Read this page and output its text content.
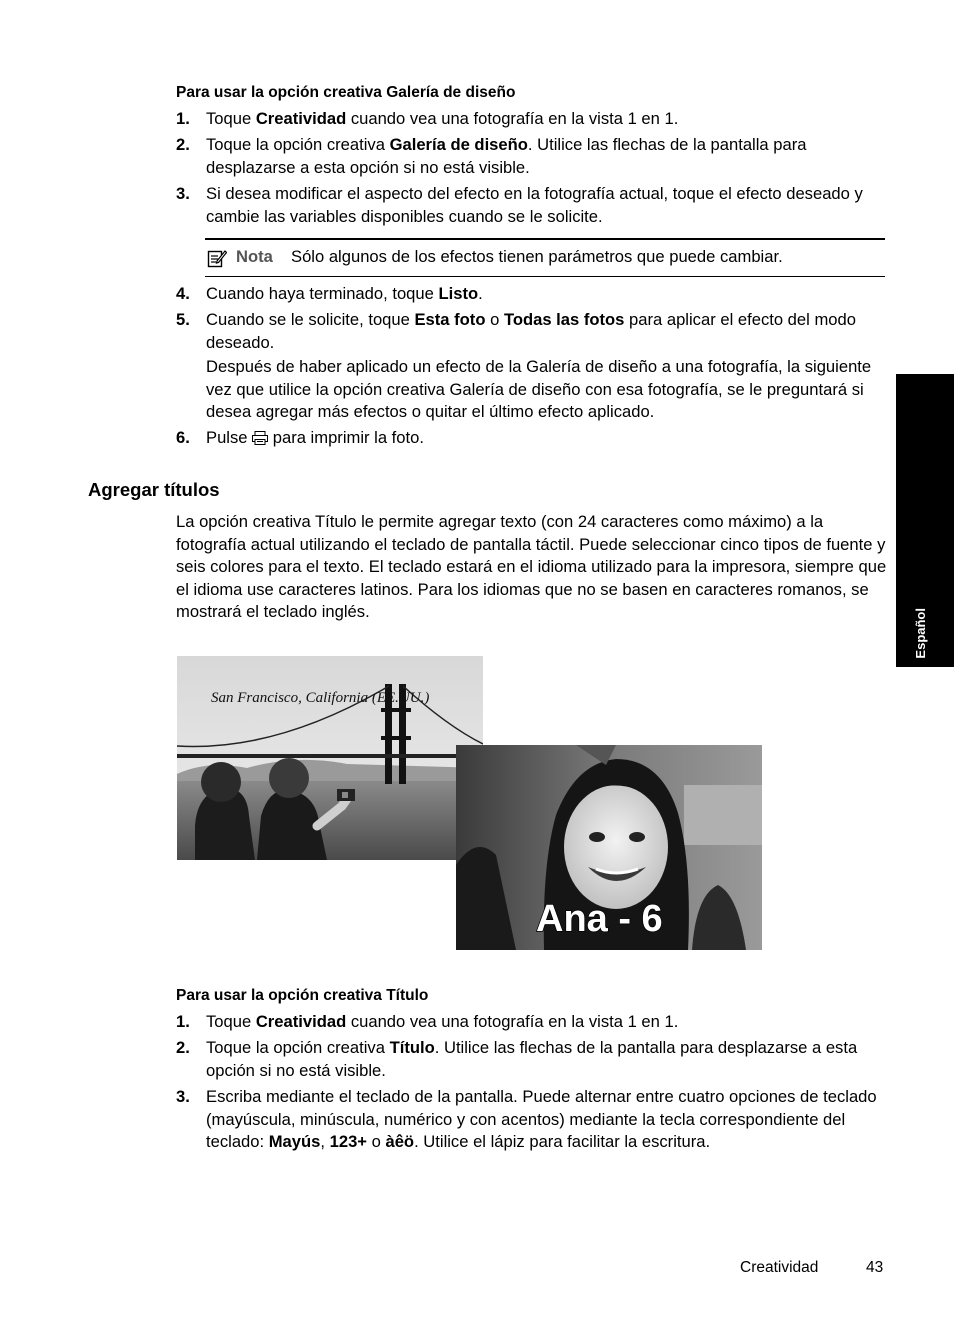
Para usar la opción creativa Galería de diseño
1. Toque Creatividad cuando vea una fotografía en la vista 1 en 1.
2. Toque la opción creativa Galería de diseño. Utilice las flechas de la pantalla para desplazarse a esta opción si no está visible.
3. Si desea modificar el aspecto del efecto en la fotografía actual, toque el efecto deseado y cambie las variables disponibles cuando se le solicite.
Nota Sólo algunos de los efectos tienen parámetros que puede cambiar.
4. Cuando haya terminado, toque Listo.
5. Cuando se le solicite, toque Esta foto o Todas las fotos para aplicar el efecto del modo deseado.
Después de haber aplicado un efecto de la Galería de diseño a una fotografía, la siguiente vez que utilice la opción creativa Galería de diseño con esa fotografía, se le preguntará si desea agregar más efectos o quitar el último efecto aplicado.
6. Pulse  para imprimir la foto.
Agregar títulos
La opción creativa Título le permite agregar texto (con 24 caracteres como máximo) a la fotografía actual utilizando el teclado de pantalla táctil. Puede seleccionar cinco tipos de fuente y seis colores para el texto. El teclado estará en el idioma utilizado para la impresora, siempre que el idioma use caracteres latinos. Para los idiomas que no se basen en caracteres romanos, se mostrará el teclado inglés.
San Francisco, California (EE.UU.)
Ana - 6
Para usar la opción creativa Título
1. Toque Creatividad cuando vea una fotografía en la vista 1 en 1.
2. Toque la opción creativa Título. Utilice las flechas de la pantalla para desplazarse a esta opción si no está visible.
3. Escriba mediante el teclado de la pantalla. Puede alternar entre cuatro opciones de teclado (mayúscula, minúscula, numérico y con acentos) mediante la tecla correspondiente del teclado: Mayús, 123+ o àêö. Utilice el lápiz para facilitar la escritura.
Español
Creatividad	43
